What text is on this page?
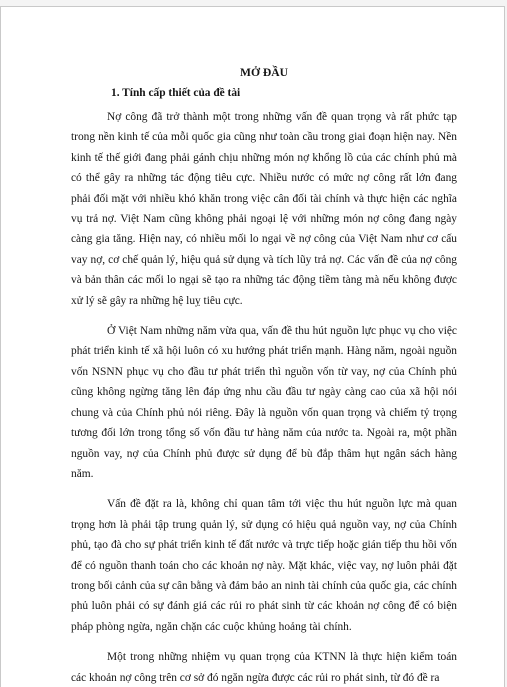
MỞ ĐẦU

1. Tính cấp thiết của đề tài

Nợ công đã trở thành một trong những vấn đề quan trọng và rất phức tạp trong nền kinh tế của mỗi quốc gia cũng như toàn cầu trong giai đoạn hiện nay. Nền kinh tế thế giới đang phải gánh chịu những món nợ khổng lồ của các chính phủ mà có thể gây ra những tác động tiêu cực. Nhiều nước có mức nợ công rất lớn đang phải đối mặt với nhiều khó khăn trong việc cân đối tài chính và thực hiện các nghĩa vụ trả nợ. Việt Nam cũng không phải ngoại lệ với những món nợ công đang ngày càng gia tăng. Hiện nay, có nhiều mối lo ngại về nợ công của Việt Nam như cơ cấu vay nợ, cơ chế quản lý, hiệu quả sử dụng và tích lũy trả nợ. Các vấn đề của nợ công và bản thân các mối lo ngại sẽ tạo ra những tác động tiềm tàng mà nếu không được xử lý sẽ gây ra những hệ luỵ tiêu cực.

Ở Việt Nam những năm vừa qua, vấn đề thu hút nguồn lực phục vụ cho việc phát triển kinh tế xã hội luôn có xu hướng phát triển mạnh. Hàng năm, ngoài nguồn vốn NSNN phục vụ cho đầu tư phát triển thì nguồn vốn từ vay, nợ của Chính phủ cũng không ngừng tăng lên đáp ứng nhu cầu đầu tư ngày càng cao của xã hội nói chung và của Chính phủ nói riêng. Đây là nguồn vốn quan trọng và chiếm tỷ trọng tương đối lớn trong tổng số vốn đầu tư hàng năm của nước ta. Ngoài ra, một phần nguồn vay, nợ của Chính phủ được sử dụng để bù đắp thâm hụt ngân sách hàng năm.

Vấn đề đặt ra là, không chỉ quan tâm tới việc thu hút nguồn lực mà quan trọng hơn là phải tập trung quản lý, sử dụng có hiệu quả nguồn vay, nợ của Chính phủ, tạo đà cho sự phát triển kinh tế đất nước và trực tiếp hoặc gián tiếp thu hồi vốn để có nguồn thanh toán cho các khoản nợ này. Mặt khác, việc vay, nợ luôn phải đặt trong bối cảnh của sự cân bằng và đảm bảo an ninh tài chính của quốc gia, các chính phủ luôn phải có sự đánh giá các rủi ro phát sinh từ các khoản nợ công để có biện pháp phòng ngừa, ngăn chặn các cuộc khủng hoảng tài chính.

Một trong những nhiệm vụ quan trọng của KTNN là thực hiện kiểm toán các khoản nợ công trên cơ sở đó ngăn ngừa được các rủi ro phát sinh, từ đó đề ra
